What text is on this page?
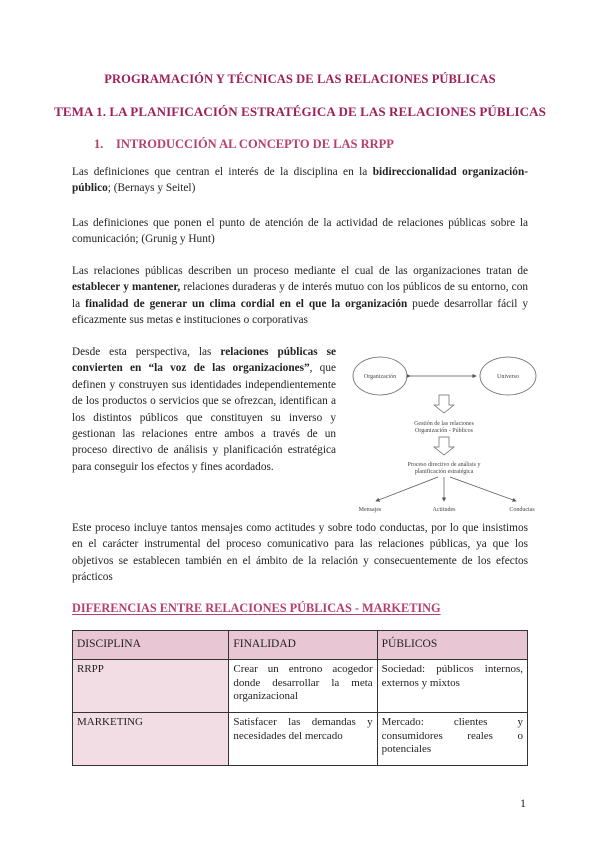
PROGRAMACIÓN Y TÉCNICAS DE LAS RELACIONES PÚBLICAS
TEMA 1. LA PLANIFICACIÓN ESTRATÉGICA DE LAS RELACIONES PÚBLICAS
1. INTRODUCCIÓN AL CONCEPTO DE LAS RRPP

Las definiciones que centran el interés de la disciplina en la bidireccionalidad organización-público; (Bernays y Seitel)

Las definiciones que ponen el punto de atención de la actividad de relaciones públicas sobre la comunicación; (Grunig y Hunt)

Las relaciones públicas describen un proceso mediante el cual de las organizaciones tratan de establecer y mantener, relaciones duraderas y de interés mutuo con los públicos de su entorno, con la finalidad de generar un clima cordial en el que la organización puede desarrollar fácil y eficazmente sus metas e instituciones o corporativas

Desde esta perspectiva, las relaciones públicas se convierten en “la voz de las organizaciones”, que definen y construyen sus identidades independientemente de los productos o servicios que se ofrezcan, identifican a los distintos públicos que constituyen su inverso y gestionan las relaciones entre ambos a través de un proceso directivo de análisis y planificación estratégica para conseguir los efectos y fines acordados.

Organización	Universo
Gestión de las relaciones
Organización - Públicos
Proceso directivo de análisis y
planificación estratégica
Mensajes	Actitudes	Conductas

Este proceso incluye tantos mensajes como actitudes y sobre todo conductas, por lo que insistimos en el carácter instrumental del proceso comunicativo para las relaciones públicas, ya que los objetivos se establecen también en el ámbito de la relación y consecuentemente de los efectos prácticos

DIFERENCIAS ENTRE RELACIONES PÚBLICAS - MARKETING
DISCIPLINA	FINALIDAD	PÚBLICOS
RRPP	Crear un entrono acogedor donde desarrollar la meta organizacional	Sociedad: públicos internos, externos y mixtos
MARKETING	Satisfacer las demandas y necesidades del mercado	Mercado: clientes y consumidores reales o potenciales
1
